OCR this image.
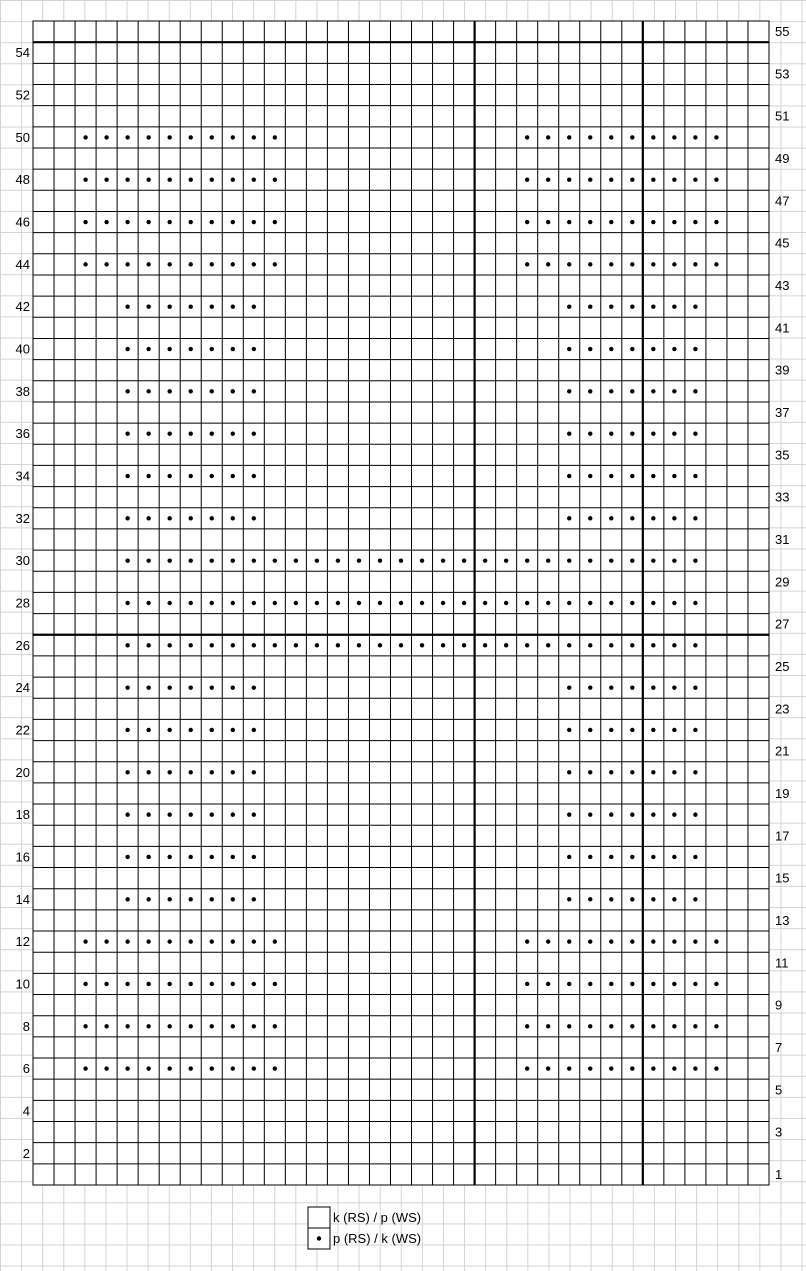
2
4
6
8
10
12
14
16
18
20
22
24
26
28
30
32
34
36
38
40
42
44
46
48
50
52
54
1
3
5
7
9
11
13
15
17
19
21
23
25
27
29
31
33
35
37
39
41
43
45
47
49
51
53
55
k (RS) / p (WS)
p (RS) / k (WS)
